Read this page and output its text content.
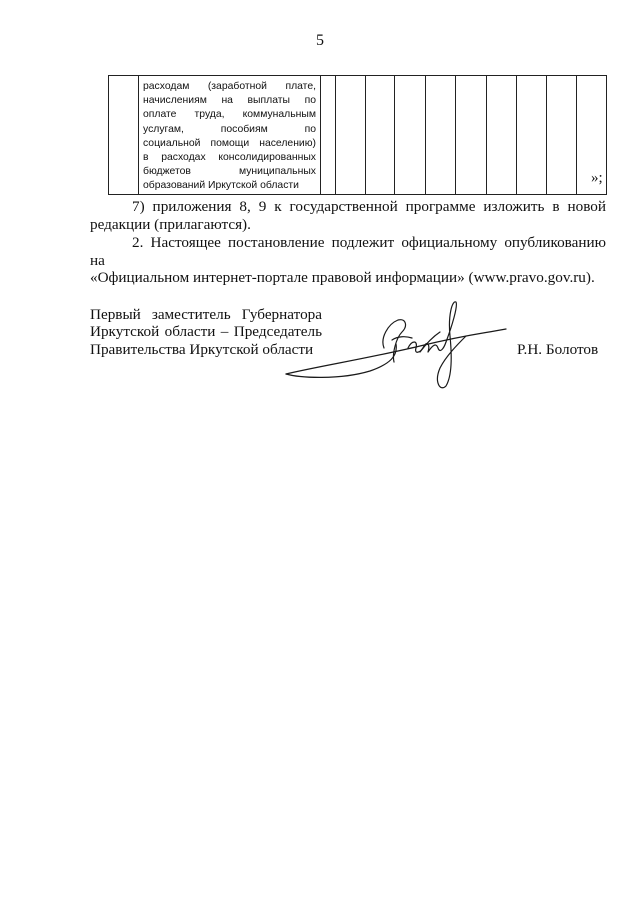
5

расходам (заработной плате,
начислениям на выплаты по
оплате труда, коммунальным
услугам, пособиям по
социальной помощи населению)
в расходах консолидированных
бюджетов муниципальных
образований Иркутской области
											»;
7) приложения 8, 9 к государственной программе изложить в новой
редакции (прилагаются).
2. Настоящее постановление подлежит официальному опубликованию на
«Официальном интернет-портале правовой информации» (www.pravo.gov.ru).
Первый заместитель Губернатора
Иркутской области – Председатель
Правительства Иркутской области	Р.Н. Болотов
